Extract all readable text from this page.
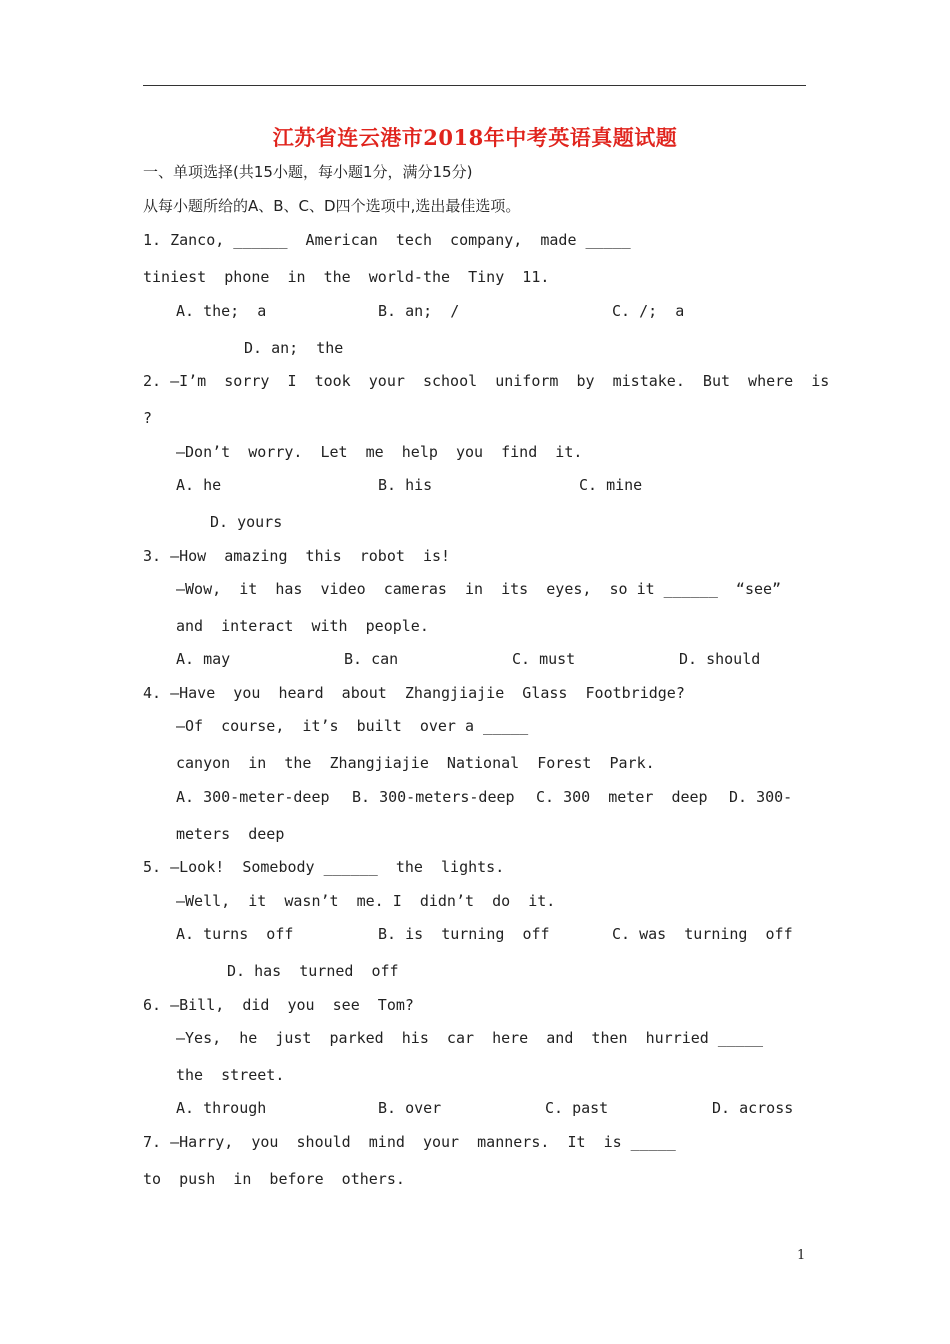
江苏省连云港市2018年中考英语真题试题
一、单项选择(共15小题，每小题1分，满分15分)
从每小题所给的A、B、C、D四个选项中,选出最佳选项。
1. Zanco, ______  American  tech  company,  made _____
tiniest  phone  in  the  world-the  Tiny  11.
A. the;  a	B. an;  /	C. /;  a
D. an;  the
2. —I’m  sorry  I  took  your  school  uniform  by  mistake.  But  where  is
?
—Don’t  worry.  Let  me  help  you  find  it.
A. he	B. his	C. mine
D. yours
3. —How  amazing  this  robot  is!
—Wow,  it  has  video  cameras  in  its  eyes,  so it ______  “see”
and  interact  with  people.
A. may	B. can	C. must	D. should
4. —Have  you  heard  about  Zhangjiajie  Glass  Footbridge?
—Of  course,  it’s  built  over a _____
canyon  in  the  Zhangjiajie  National  Forest  Park.
A. 300-meter-deep B. 300-meters-deep C. 300  meter  deep D. 300-
meters  deep
5. —Look!  Somebody ______  the  lights.
—Well,  it  wasn’t  me. I  didn’t  do  it.
A. turns  off	B. is  turning  off	C. was  turning  off
D. has  turned  off
6. —Bill,  did  you  see  Tom?
—Yes,  he  just  parked  his  car  here  and  then  hurried _____
the  street.
A. through	B. over	C. past	D. across
7. —Harry,  you  should  mind  your  manners.  It  is _____
to  push  in  before  others.
1
